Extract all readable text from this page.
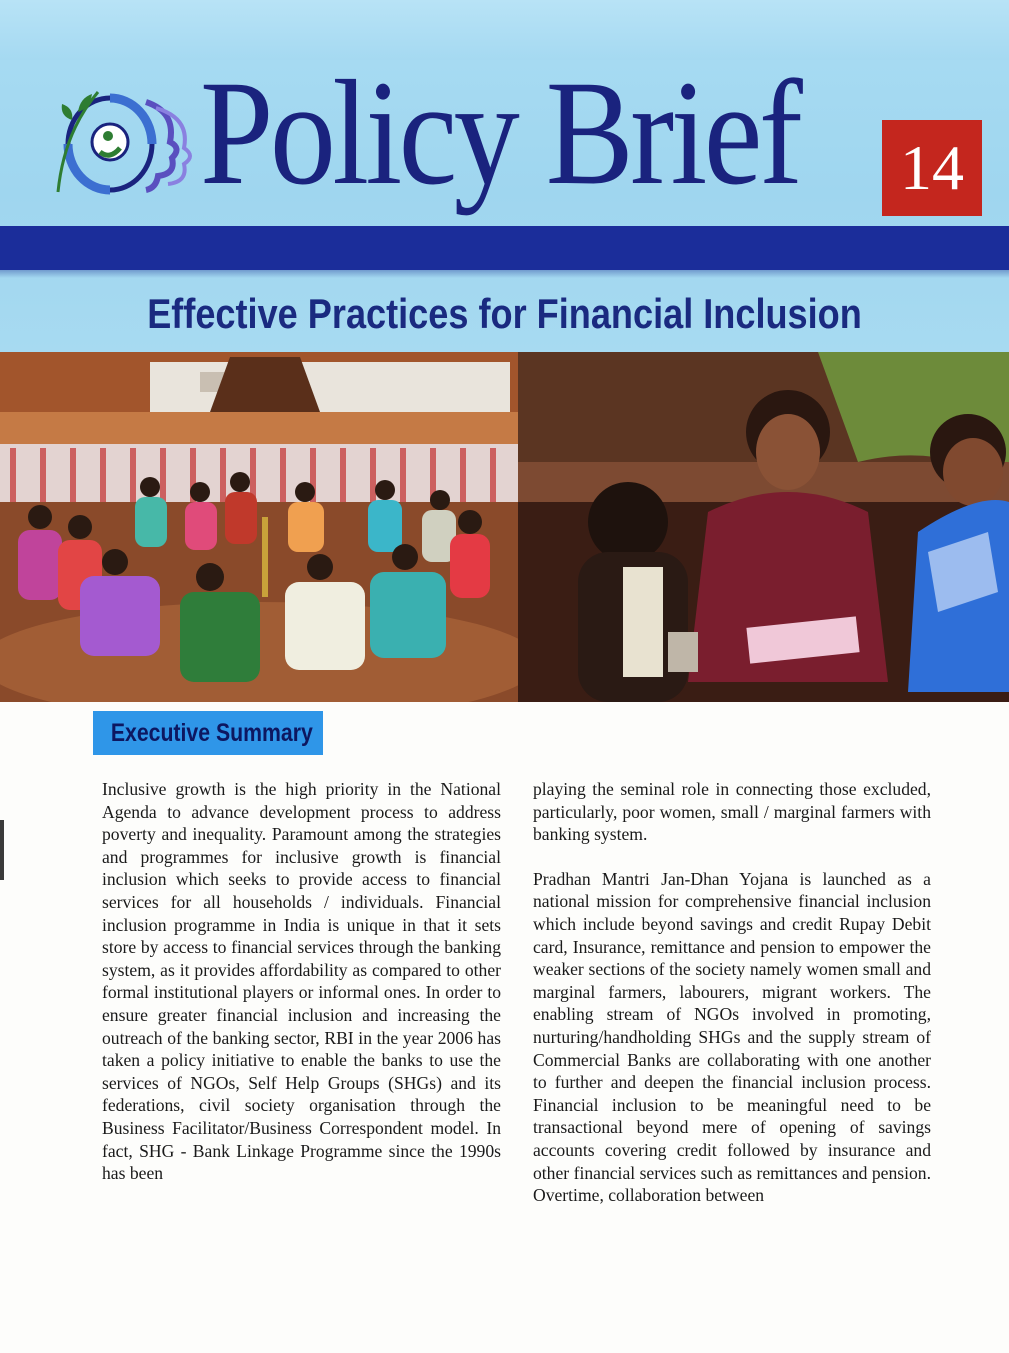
Policy Brief 14
Effective Practices for Financial Inclusion
Executive Summary

Inclusive growth is the high priority in the National Agenda to advance development process to address poverty and inequality. Paramount among the strategies and programmes for inclusive growth is financial inclusion which seeks to provide access to financial services for all households / individuals. Financial inclusion programme in India is unique in that it sets store by access to financial services through the banking system, as it provides affordability as compared to other formal institutional players or informal ones. In order to ensure greater financial inclusion and increasing the outreach of the banking sector, RBI in the year 2006 has taken a policy initiative to enable the banks to use the services of NGOs, Self Help Groups (SHGs) and its federations, civil society organisation through the Business Facilitator/Business Correspondent model. In fact, SHG - Bank Linkage Programme since the 1990s has been

playing the seminal role in connecting those excluded, particularly, poor women, small / marginal farmers with banking system.

Pradhan Mantri Jan-Dhan Yojana is launched as a national mission for comprehensive financial inclusion which include beyond savings and credit Rupay Debit card, Insurance, remittance and pension to empower the weaker sections of the society namely women small and marginal farmers, labourers, migrant workers. The enabling stream of NGOs involved in promoting, nurturing/handholding SHGs and the supply stream of Commercial Banks are collaborating with one another to further and deepen the financial inclusion process. Financial inclusion to be meaningful need to be transactional beyond mere of opening of savings accounts covering credit followed by insurance and other financial services such as remittances and pension. Overtime, collaboration between
